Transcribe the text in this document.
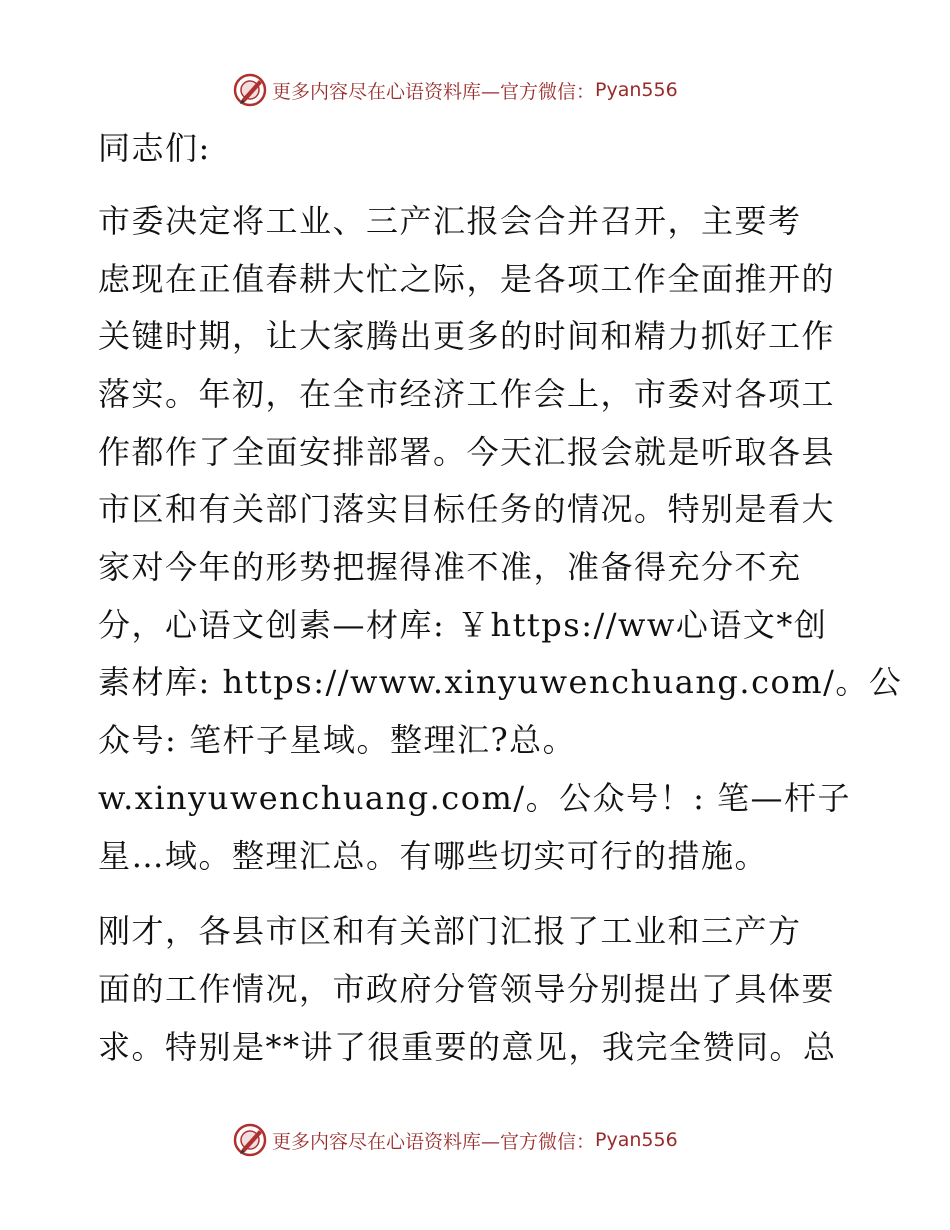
更多内容尽在心语资料库—官方微信： Pyan556
同志们:
市委决定将工业、三产汇报会合并召开，主要考
虑现在正值春耕大忙之际，是各项工作全面推开的
关键时期，让大家腾出更多的时间和精力抓好工作
落实。年初，在全市经济工作会上，市委对各项工
作都作了全面安排部署。今天汇报会就是听取各县
市区和有关部门落实目标任务的情况。特别是看大
家对今年的形势把握得准不准，准备得充分不充
分，心语文创素—材库: ￥https://ww心语文*创
素材库: https://www.xinyuwenchuang.com/。公
众号: 笔杆子星域。整理汇?总。
w.xinyuwenchuang.com/。公众号！: 笔—杆子
星…域。整理汇总。有哪些切实可行的措施。
刚才，各县市区和有关部门汇报了工业和三产方
面的工作情况，市政府分管领导分别提出了具体要
求。特别是**讲了很重要的意见，我完全赞同。总
更多内容尽在心语资料库—官方微信： Pyan556
